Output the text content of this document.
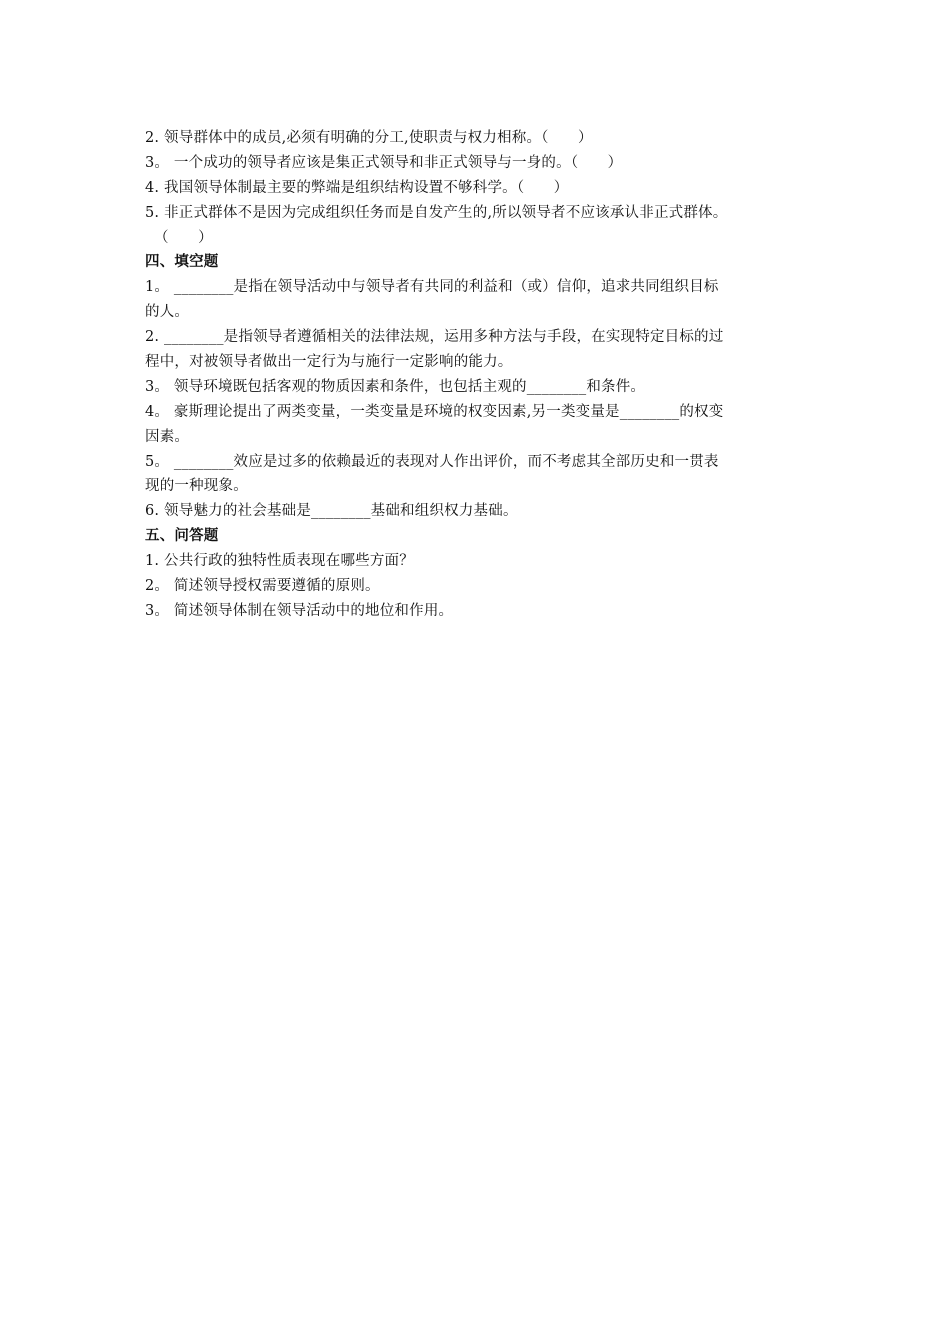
2. 领导群体中的成员,必须有明确的分工,使职责与权力相称。（　　）
3。 一个成功的领导者应该是集正式领导和非正式领导与一身的。（　　）
4. 我国领导体制最主要的弊端是组织结构设置不够科学。（　　）
5. 非正式群体不是因为完成组织任务而是自发产生的,所以领导者不应该承认非正式群体。
（　　）
四、填空题
1。 ________是指在领导活动中与领导者有共同的利益和（或）信仰，追求共同组织目标
的人。
2. ________是指领导者遵循相关的法律法规，运用多种方法与手段，在实现特定目标的过
程中，对被领导者做出一定行为与施行一定影响的能力。
3。 领导环境既包括客观的物质因素和条件，也包括主观的________和条件。
4。 豪斯理论提出了两类变量，一类变量是环境的权变因素,另一类变量是________的权变
因素。
5。 ________效应是过多的依赖最近的表现对人作出评价，而不考虑其全部历史和一贯表
现的一种现象。
6. 领导魅力的社会基础是________基础和组织权力基础。
五、问答题
1. 公共行政的独特性质表现在哪些方面？
2。 简述领导授权需要遵循的原则。
3。 简述领导体制在领导活动中的地位和作用。
